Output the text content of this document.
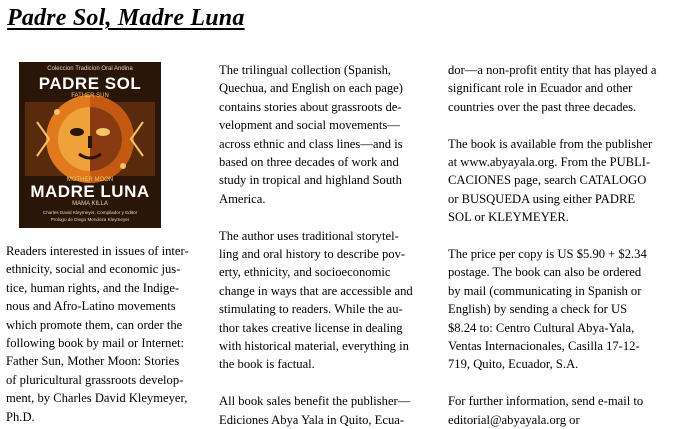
Padre Sol, Madre Luna
Coleccion Tradicion Oral Andina
PADRE SOL
FATHER SUN
MOTHER MOON
MADRE LUNA
MAMA KILLA
Charles David Kleymeyer, Compilador y Editor
Prologo de Diego Mendoza Kleymeyer

Readers interested in issues of inter-
ethnicity, social and economic jus-
tice, human rights, and the Indige-
nous and Afro-Latino movements
which promote them, can order the
following book by mail or Internet:
Father Sun, Mother Moon: Stories
of pluricultural grassroots develop-
ment, by Charles David Kleymeyer,
Ph.D.

The trilingual collection (Spanish,
Quechua, and English on each page)
contains stories about grassroots de-
velopment and social movements—
across ethnic and class lines—and is
based on three decades of work and
study in tropical and highland South
America.

The author uses traditional storytel-
ling and oral history to describe pov-
erty, ethnicity, and socioeconomic
change in ways that are accessible and
stimulating to readers. While the au-
thor takes creative license in dealing
with historical material, everything in
the book is factual.

All book sales benefit the publisher—
Ediciones Abya Yala in Quito, Ecua-

dor—a non-profit entity that has played a
significant role in Ecuador and other
countries over the past three decades.

The book is available from the publisher
at www.abyayala.org. From the PUBLI-
CACIONES page, search CATALOGO
or BUSQUEDA using either PADRE
SOL or KLEYMEYER.

The price per copy is US $5.90 + $2.34
postage. The book can also be ordered
by mail (communicating in Spanish or
English) by sending a check for US
$8.24 to: Centro Cultural Abya-Yala,
Ventas Internacionales, Casilla 17-12-
719, Quito, Ecuador, S.A.

For further information, send e-mail to
editorial@abyayala.org or
